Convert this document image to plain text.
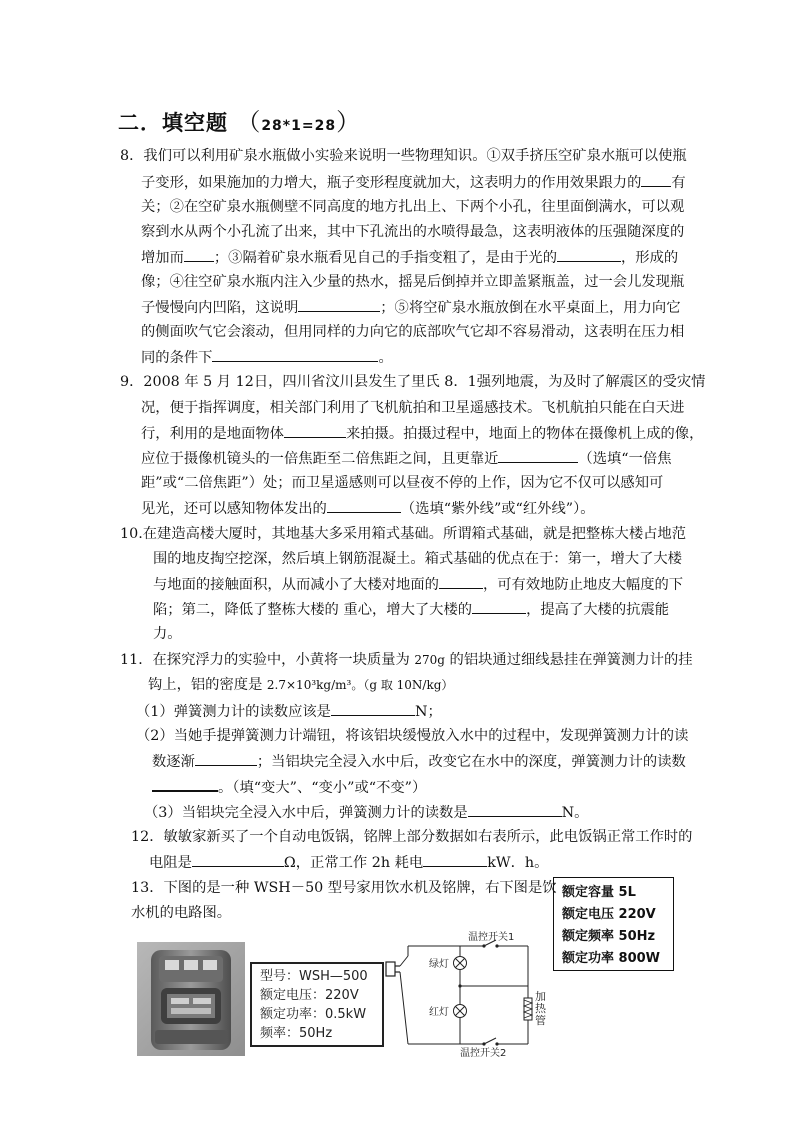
二．填空题 （28*1=28）
8．我们可以利用矿泉水瓶做小实验来说明一些物理知识。①双手挤压空矿泉水瓶可以使瓶
子变形，如果施加的力增大，瓶子变形程度就加大，这表明力的作用效果跟力的 有
关；②在空矿泉水瓶侧壁不同高度的地方扎出上、下两个小孔，往里面倒满水，可以观
察到水从两个小孔流了出来，其中下孔流出的水喷得最急，这表明液体的压强随深度的
增加而 ；③隔着矿泉水瓶看见自己的手指变粗了，是由于光的	，形成的
像；④往空矿泉水瓶内注入少量的热水，摇晃后倒掉并立即盖紧瓶盖，过一会儿发现瓶
子慢慢向内凹陷，这说明	；⑤将空矿泉水瓶放倒在水平桌面上，用力向它
的侧面吹气它会滚动，但用同样的力向它的底部吹气它却不容易滑动，这表明在压力相
同的条件下	。
9．2008 年 5 月 12日，四川省汶川县发生了里氏 8．1强列地震，为及时了解震区的受灾情
况，便于指挥调度，相关部门利用了飞机航拍和卫星遥感技术。飞机航拍只能在白天进
行，利用的是地面物体	来拍摄。拍摄过程中，地面上的物体在摄像机上成的像，
应位于摄像机镜头的一倍焦距至二倍焦距之间，且更靠近	（选填“一倍焦
距”或“二倍焦距”）处；而卫星遥感则可以昼夜不停的上作，因为它不仅可以感知可
见光，还可以感知物体发出的	（选填“紫外线”或“红外线”）。
10.在建造高楼大厦时，其地基大多采用箱式基础。所谓箱式基础，就是把整栋大楼占地范
围的地皮掏空挖深，然后填上钢筋混凝土。箱式基础的优点在于：第一，增大了大楼
与地面的接触面积，从而减小了大楼对地面的	，可有效地防止地皮大幅度的下
陷；第二，降低了整栋大楼的 重心，增大了大楼的	，提高了大楼的抗震能
力。
11．在探究浮力的实验中，小黄将一块质量为 270g 的铝块通过细线悬挂在弹簧测力计的挂
钩上，铝的密度是 2.7×10³kg/m³。（g 取 10N/kg）
（1）弹簧测力计的读数应该是	N；
（2）当她手提弹簧测力计端钮，将该铝块缓慢放入水中的过程中，发现弹簧测力计的读
数逐渐	；当铝块完全浸入水中后，改变它在水中的深度，弹簧测力计的读数
。（填“变大”、“变小”或“不变”）
（3）当铝块完全浸入水中后，弹簧测力计的读数是	N。
12．敏敏家新买了一个自动电饭锅，铭牌上部分数据如右表所示，此电饭锅正常工作时的
电阻是	Ω，正常工作 2h 耗电	kW．h。
13．下图的是一种 WSH－50 型号家用饮水机及铭牌，右下图是饮
水机的电路图。
额定容量 5L
额定电压 220V
额定频率 50Hz
额定功率 800W
型号：WSH—500
额定电压：220V
额定功率：0.5kW
频率：50Hz
温控开关1
绿灯
红灯
加
热
管
温控开关2
